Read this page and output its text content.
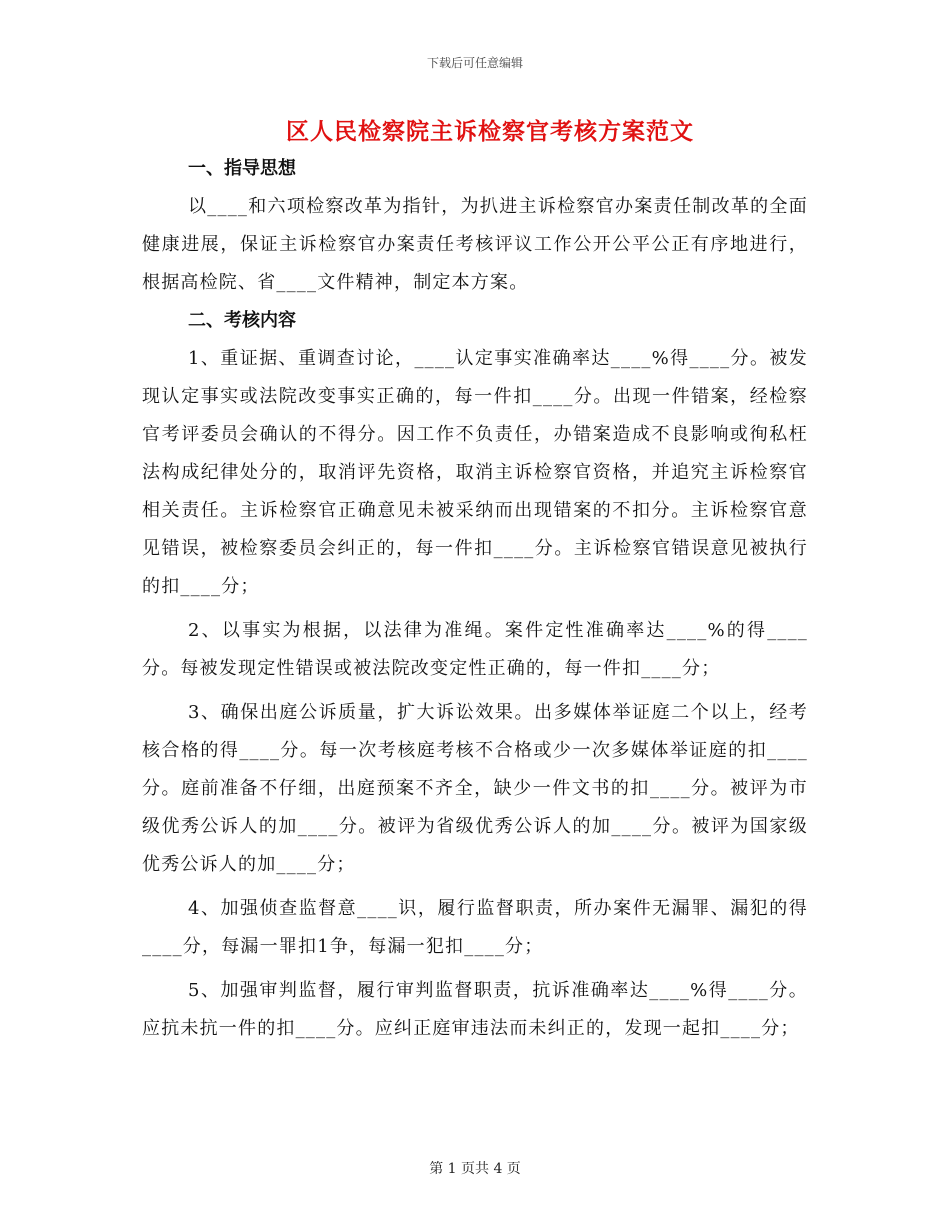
下载后可任意编辑
区人民检察院主诉检察官考核方案范文
一、指导思想

以____和六项检察改革为指针，为扒进主诉检察官办案责任制改革的全面健康进展，保证主诉检察官办案责任考核评议工作公开公平公正有序地进行，根据高检院、省____文件精神，制定本方案。

二、考核内容

1、重证据、重调查讨论，____认定事实准确率达____%得____分。被发现认定事实或法院改变事实正确的，每一件扣____分。出现一件错案，经检察官考评委员会确认的不得分。因工作不负责任，办错案造成不良影响或徇私枉法构成纪律处分的，取消评先资格，取消主诉检察官资格，并追究主诉检察官相关责任。主诉检察官正确意见未被采纳而出现错案的不扣分。主诉检察官意见错误，被检察委员会纠正的，每一件扣____分。主诉检察官错误意见被执行的扣____分；

2、以事实为根据，以法律为准绳。案件定性准确率达____%的得____分。每被发现定性错误或被法院改变定性正确的，每一件扣____分；

3、确保出庭公诉质量，扩大诉讼效果。出多媒体举证庭二个以上，经考核合格的得____分。每一次考核庭考核不合格或少一次多媒体举证庭的扣____分。庭前准备不仔细，出庭预案不齐全，缺少一件文书的扣____分。被评为市级优秀公诉人的加____分。被评为省级优秀公诉人的加____分。被评为国家级优秀公诉人的加____分；

4、加强侦查监督意____识，履行监督职责，所办案件无漏罪、漏犯的得____分，每漏一罪扣1争，每漏一犯扣____分；

5、加强审判监督，履行审判监督职责，抗诉准确率达____%得____分。应抗未抗一件的扣____分。应纠正庭审违法而未纠正的，发现一起扣____分；

第 1 页共 4 页
